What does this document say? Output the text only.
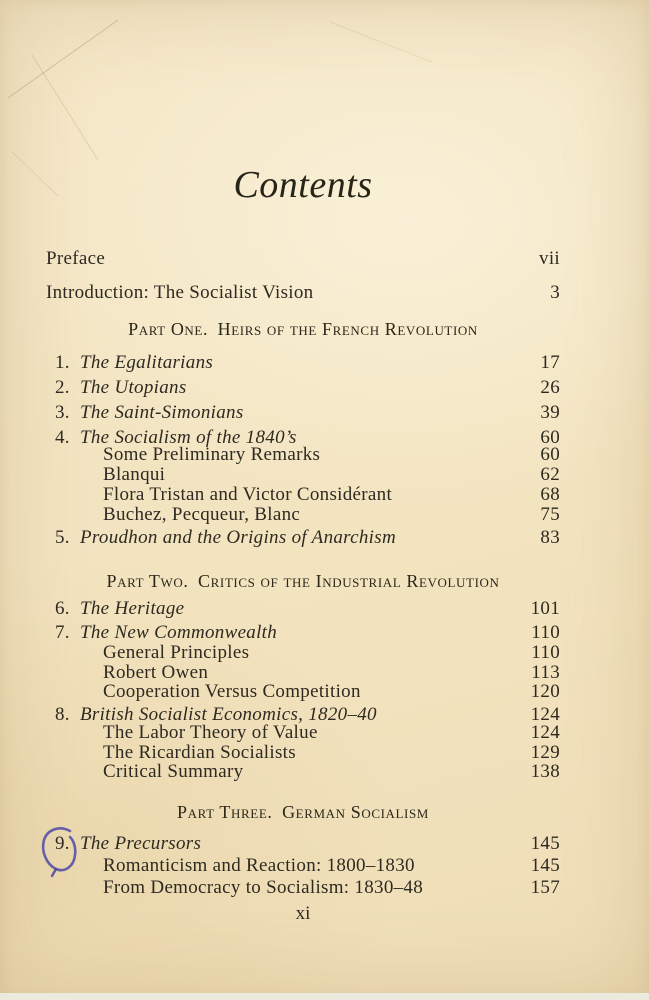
Contents
Preface	vii
Introduction: The Socialist Vision	3
Part One. Heirs of the French Revolution
1. The Egalitarians	17
2. The Utopians	26
3. The Saint-Simonians	39
4. The Socialism of the 1840’s	60
Some Preliminary Remarks	60
Blanqui	62
Flora Tristan and Victor Considérant	68
Buchez, Pecqueur, Blanc	75
5. Proudhon and the Origins of Anarchism	83
Part Two. Critics of the Industrial Revolution
6. The Heritage	101
7. The New Commonwealth	110
General Principles	110
Robert Owen	113
Cooperation Versus Competition	120
8. British Socialist Economics, 1820–40	124
The Labor Theory of Value	124
The Ricardian Socialists	129
Critical Summary	138
Part Three. German Socialism
9. The Precursors	145
Romanticism and Reaction: 1800–1830	145
From Democracy to Socialism: 1830–48	157
xi
